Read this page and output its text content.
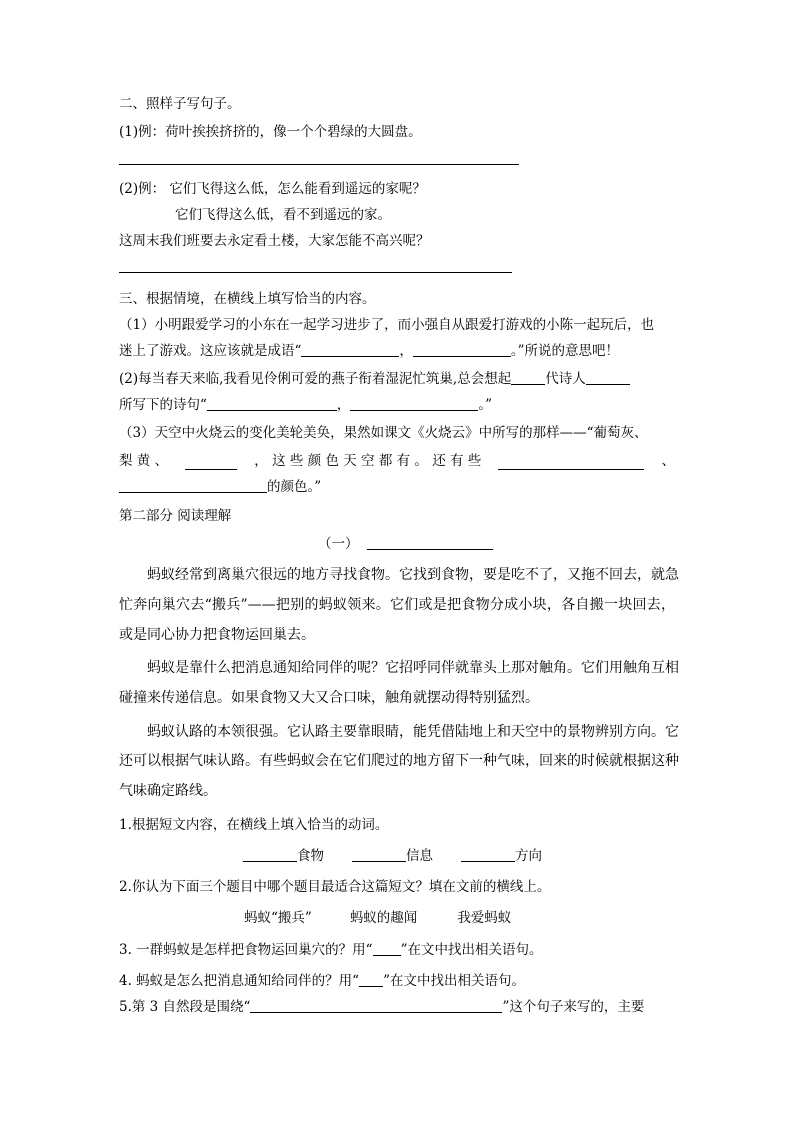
二、照样子写句子。
(1)例：荷叶挨挨挤挤的，像一个个碧绿的大圆盘。
(2)例： 它们飞得这么低，怎么能看到遥远的家呢？
它们飞得这么低，看不到遥远的家。
这周末我们班要去永定看土楼，大家怎能不高兴呢？
三、根据情境，在横线上填写恰当的内容。
（1）小明跟爱学习的小东在一起学习进步了，而小强自从跟爱打游戏的小陈一起玩后，也
迷上了游戏。这应该就是成语“	，	。”所说的意思吧！
(2)每当春天来临,我看见伶俐可爱的燕子衔着湿泥忙筑巢,总会想起	代诗人
所写下的诗句“	，	。”
（3）天空中火烧云的变化美轮美奂，果然如课文《火烧云》中所写的那样——“葡萄灰、
梨 黄 、	， 这 些 颜 色 天 空 都 有 。 还 有 些	、
的颜色。”
第二部分 阅读理解
（一）
蚂蚁经常到离巢穴很远的地方寻找食物。它找到食物，要是吃不了，又拖不回去，就急
忙奔向巢穴去“搬兵”——把别的蚂蚁领来。它们或是把食物分成小块，各自搬一块回去，
或是同心协力把食物运回巢去。
蚂蚁是靠什么把消息通知给同伴的呢？它招呼同伴就靠头上那对触角。它们用触角互相
碰撞来传递信息。如果食物又大又合口味，触角就摆动得特别猛烈。
蚂蚁认路的本领很强。它认路主要靠眼睛，能凭借陆地上和天空中的景物辨别方向。它
还可以根据气味认路。有些蚂蚁会在它们爬过的地方留下一种气味，回来的时候就根据这种
气味确定路线。
1.根据短文内容，在横线上填入恰当的动词。
食物	信息	方向
2.你认为下面三个题目中哪个题目最适合这篇短文？填在文前的横线上。
蚂蚁“搬兵”	蚂蚁的趣闻	我爱蚂蚁
3. 一群蚂蚁是怎样把食物运回巢穴的？用“ ”在文中找出相关语句。
4. 蚂蚁是怎么把消息通知给同伴的？用“ ”在文中找出相关语句。
5.第 3 自然段是围绕“	”这个句子来写的，主要
